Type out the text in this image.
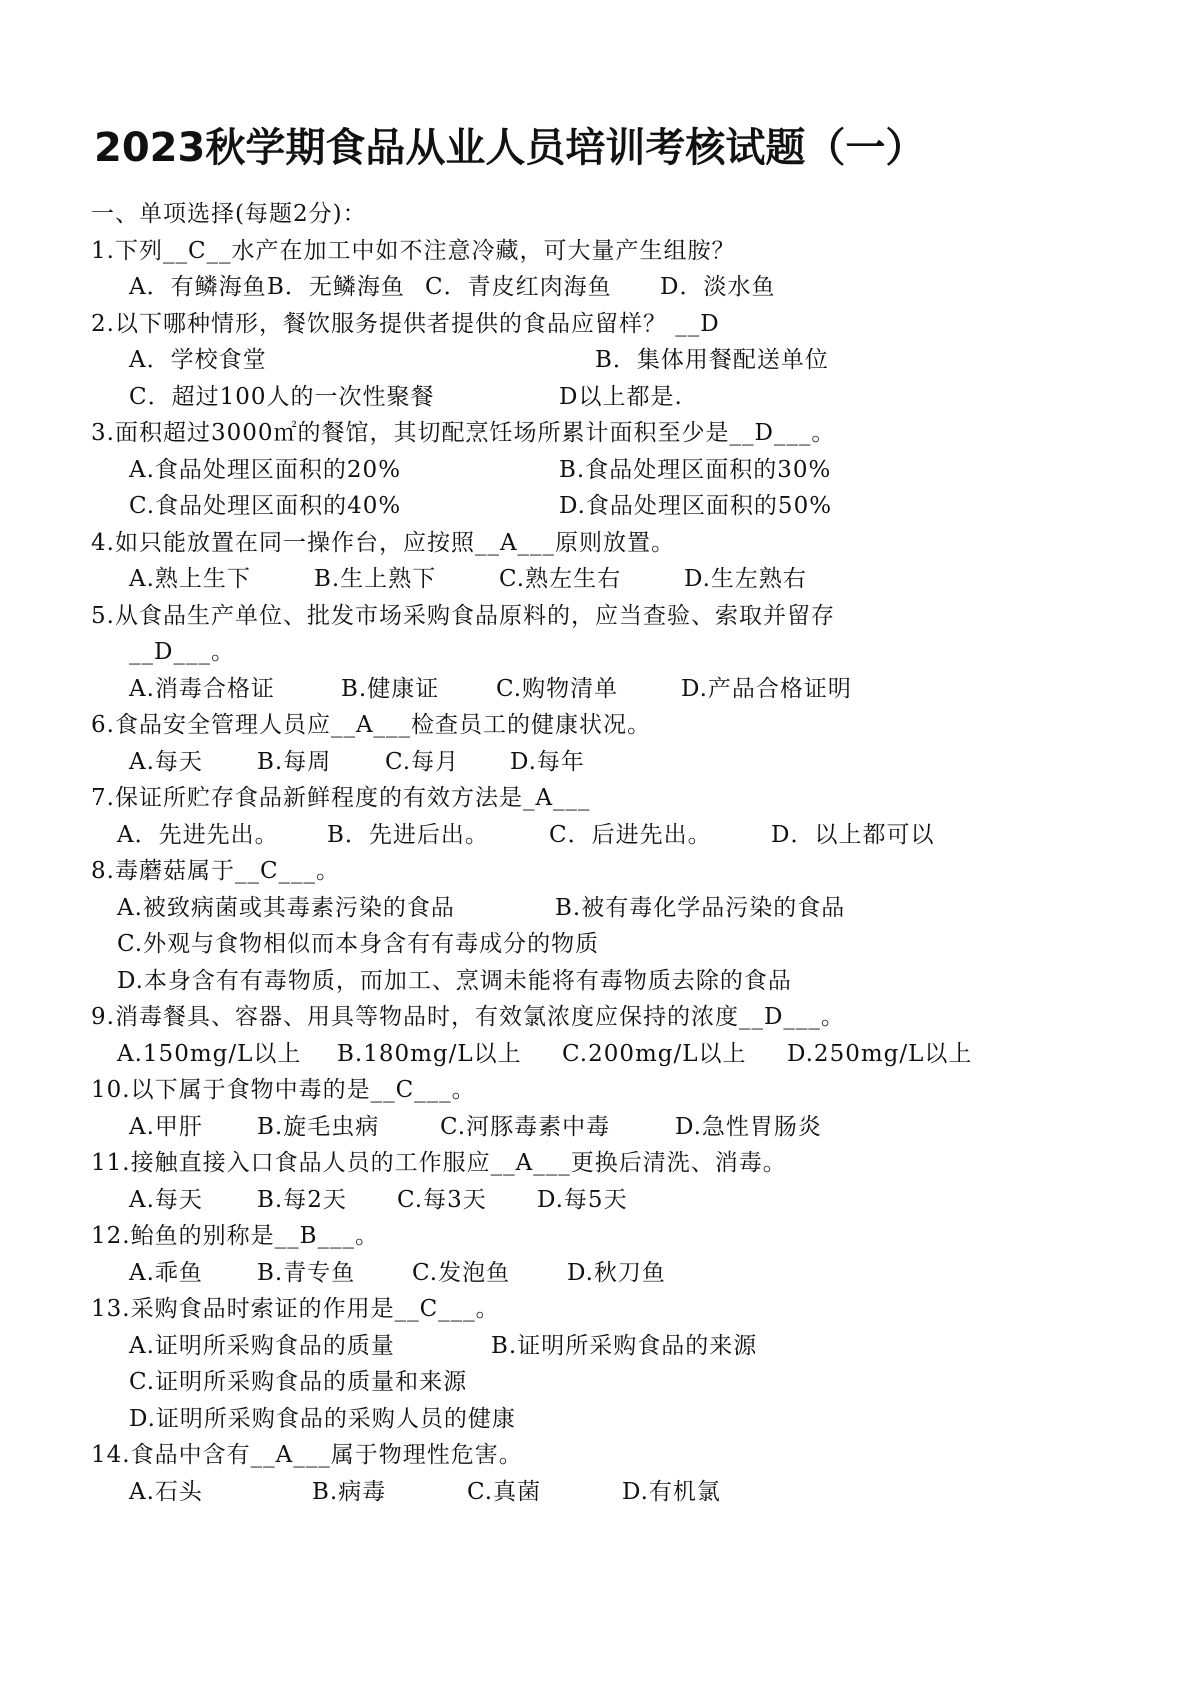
2023秋学期食品从业人员培训考核试题（一）
一、单项选择(每题2分)：
1.下列__C__水产在加工中如不注意冷藏，可大量产生组胺？
A．有鳞海鱼B．无鳞海鱼 C．青皮红肉海鱼 D．淡水鱼
2.以下哪种情形，餐饮服务提供者提供的食品应留样？ __D
A．学校食堂	B．集体用餐配送单位
C．超过100人的一次性聚餐	D以上都是.
3.面积超过3000㎡的餐馆，其切配烹饪场所累计面积至少是__D___。
A.食品处理区面积的20%	B.食品处理区面积的30%
C.食品处理区面积的40%	D.食品处理区面积的50%
4.如只能放置在同一操作台，应按照__A___原则放置。
A.熟上生下	B.生上熟下	C.熟左生右	D.生左熟右
5.从食品生产单位、批发市场采购食品原料的，应当查验、索取并留存
__D___。
A.消毒合格证	B.健康证 C.购物清单	D.产品合格证明
6.食品安全管理人员应__A___检查员工的健康状况。
A.每天 B.每周 C.每月 D.每年
7.保证所贮存食品新鲜程度的有效方法是_A___
A．先进先出。 B．先进后出。	C．后进先出。	D．以上都可以
8.毒蘑菇属于__C___。
A.被致病菌或其毒素污染的食品	B.被有毒化学品污染的食品
C.外观与食物相似而本身含有有毒成分的物质
D.本身含有有毒物质，而加工、烹调未能将有毒物质去除的食品
9.消毒餐具、容器、用具等物品时，有效氯浓度应保持的浓度__D___。
A.150mg/L以上 B.180mg/L以上 C.200mg/L以上 D.250mg/L以上
10.以下属于食物中毒的是__C___。
A.甲肝 B.旋毛虫病	C.河豚毒素中毒	D.急性胃肠炎
11.接触直接入口食品人员的工作服应__A___更换后清洗、消毒。
A.每天 B.每2天 C.每3天 D.每5天
12.鲐鱼的别称是__B___。
A.乖鱼 B.青专鱼 C.发泡鱼 D.秋刀鱼
13.采购食品时索证的作用是__C___。
A.证明所采购食品的质量	B.证明所采购食品的来源
C.证明所采购食品的质量和来源
D.证明所采购食品的采购人员的健康
14.食品中含有__A___属于物理性危害。
A.石头	B.病毒	C.真菌	D.有机氯
